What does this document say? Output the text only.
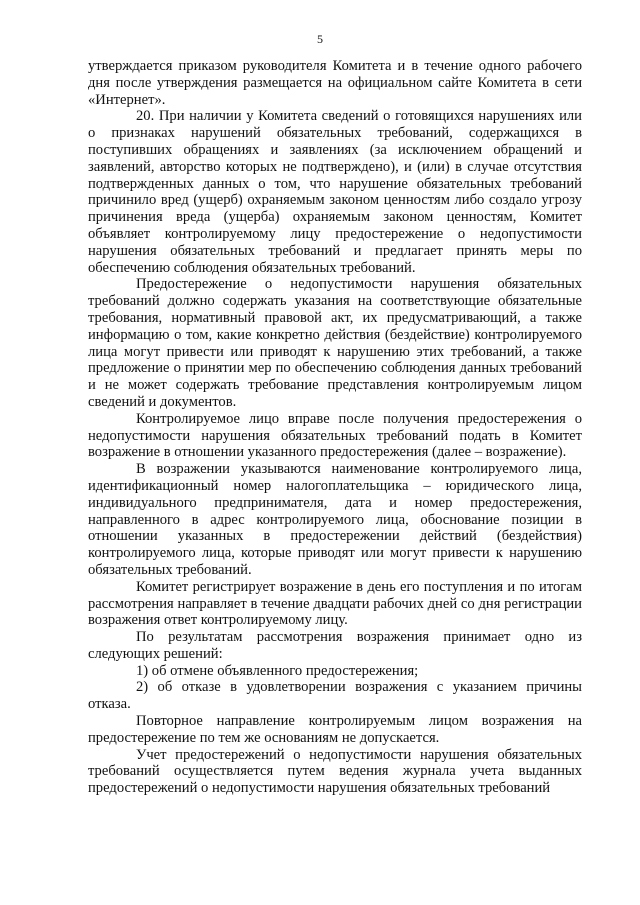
5

утверждается приказом руководителя Комитета и в течение одного рабочего дня после утверждения размещается на официальном сайте Комитета в сети «Интернет».

20. При наличии у Комитета сведений о готовящихся нарушениях или о признаках нарушений обязательных требований, содержащихся в поступивших обращениях и заявлениях (за исключением обращений и заявлений, авторство которых не подтверждено), и (или) в случае отсутствия подтвержденных данных о том, что нарушение обязательных требований причинило вред (ущерб) охраняемым законом ценностям либо создало угрозу причинения вреда (ущерба) охраняемым законом ценностям, Комитет объявляет контролируемому лицу предостережение о недопустимости нарушения обязательных требований и предлагает принять меры по обеспечению соблюдения обязательных требований.

Предостережение о недопустимости нарушения обязательных требований должно содержать указания на соответствующие обязательные требования, нормативный правовой акт, их предусматривающий, а также информацию о том, какие конкретно действия (бездействие) контролируемого лица могут привести или приводят к нарушению этих требований, а также предложение о принятии мер по обеспечению соблюдения данных требований и не может содержать требование представления контролируемым лицом сведений и документов.

Контролируемое лицо вправе после получения предостережения о недопустимости нарушения обязательных требований подать в Комитет возражение в отношении указанного предостережения (далее – возражение).

В возражении указываются наименование контролируемого лица, идентификационный номер налогоплательщика – юридического лица, индивидуального предпринимателя, дата и номер предостережения, направленного в адрес контролируемого лица, обоснование позиции в отношении указанных в предостережении действий (бездействия) контролируемого лица, которые приводят или могут привести к нарушению обязательных требований.

Комитет регистрирует возражение в день его поступления и по итогам рассмотрения направляет в течение двадцати рабочих дней со дня регистрации возражения ответ контролируемому лицу.

По результатам рассмотрения возражения принимает одно из следующих решений:

1) об отмене объявленного предостережения;

2) об отказе в удовлетворении возражения с указанием причины отказа.

Повторное направление контролируемым лицом возражения на предостережение по тем же основаниям не допускается.

Учет предостережений о недопустимости нарушения обязательных требований осуществляется путем ведения журнала учета выданных предостережений о недопустимости нарушения обязательных требований
